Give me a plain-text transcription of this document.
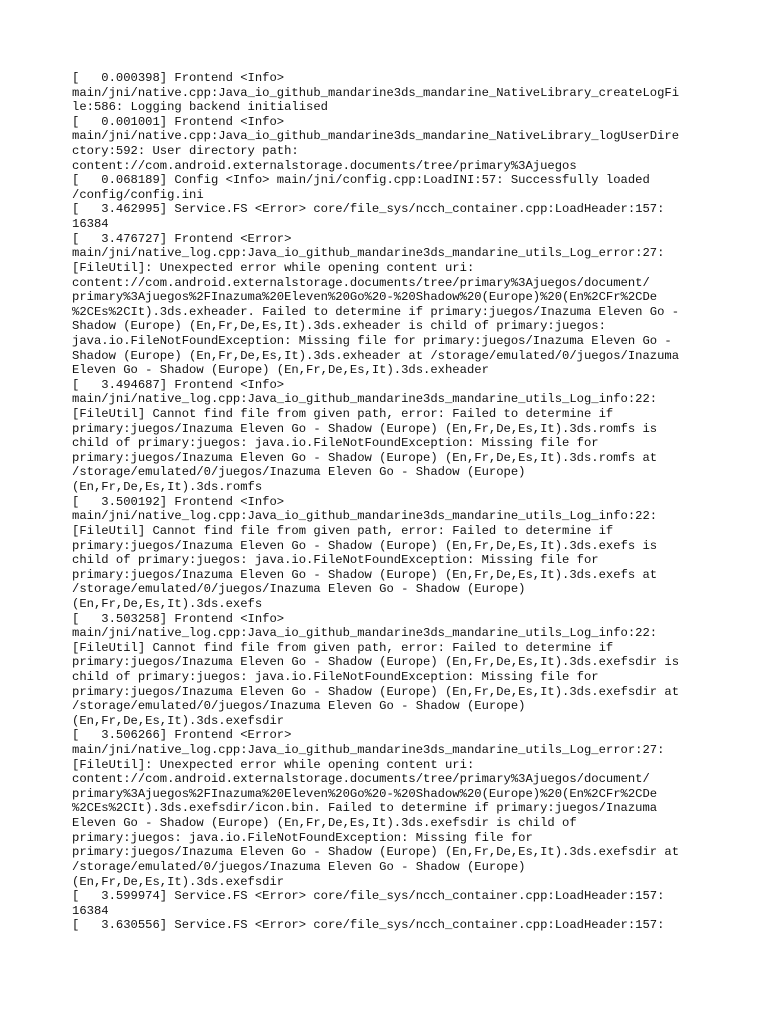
[   0.000398] Frontend <Info>
main/jni/native.cpp:Java_io_github_mandarine3ds_mandarine_NativeLibrary_createLogFi
le:586: Logging backend initialised
[   0.001001] Frontend <Info>
main/jni/native.cpp:Java_io_github_mandarine3ds_mandarine_NativeLibrary_logUserDire
ctory:592: User directory path:
content://com.android.externalstorage.documents/tree/primary%3Ajuegos
[   0.068189] Config <Info> main/jni/config.cpp:LoadINI:57: Successfully loaded
/config/config.ini
[   3.462995] Service.FS <Error> core/file_sys/ncch_container.cpp:LoadHeader:157:
16384
[   3.476727] Frontend <Error>
main/jni/native_log.cpp:Java_io_github_mandarine3ds_mandarine_utils_Log_error:27:
[FileUtil]: Unexpected error while opening content uri:
content://com.android.externalstorage.documents/tree/primary%3Ajuegos/document/
primary%3Ajuegos%2FInazuma%20Eleven%20Go%20-%20Shadow%20(Europe)%20(En%2CFr%2CDe
%2CEs%2CIt).3ds.exheader. Failed to determine if primary:juegos/Inazuma Eleven Go -
Shadow (Europe) (En,Fr,De,Es,It).3ds.exheader is child of primary:juegos:
java.io.FileNotFoundException: Missing file for primary:juegos/Inazuma Eleven Go -
Shadow (Europe) (En,Fr,De,Es,It).3ds.exheader at /storage/emulated/0/juegos/Inazuma
Eleven Go - Shadow (Europe) (En,Fr,De,Es,It).3ds.exheader
[   3.494687] Frontend <Info>
main/jni/native_log.cpp:Java_io_github_mandarine3ds_mandarine_utils_Log_info:22:
[FileUtil] Cannot find file from given path, error: Failed to determine if
primary:juegos/Inazuma Eleven Go - Shadow (Europe) (En,Fr,De,Es,It).3ds.romfs is
child of primary:juegos: java.io.FileNotFoundException: Missing file for
primary:juegos/Inazuma Eleven Go - Shadow (Europe) (En,Fr,De,Es,It).3ds.romfs at
/storage/emulated/0/juegos/Inazuma Eleven Go - Shadow (Europe)
(En,Fr,De,Es,It).3ds.romfs
[   3.500192] Frontend <Info>
main/jni/native_log.cpp:Java_io_github_mandarine3ds_mandarine_utils_Log_info:22:
[FileUtil] Cannot find file from given path, error: Failed to determine if
primary:juegos/Inazuma Eleven Go - Shadow (Europe) (En,Fr,De,Es,It).3ds.exefs is
child of primary:juegos: java.io.FileNotFoundException: Missing file for
primary:juegos/Inazuma Eleven Go - Shadow (Europe) (En,Fr,De,Es,It).3ds.exefs at
/storage/emulated/0/juegos/Inazuma Eleven Go - Shadow (Europe)
(En,Fr,De,Es,It).3ds.exefs
[   3.503258] Frontend <Info>
main/jni/native_log.cpp:Java_io_github_mandarine3ds_mandarine_utils_Log_info:22:
[FileUtil] Cannot find file from given path, error: Failed to determine if
primary:juegos/Inazuma Eleven Go - Shadow (Europe) (En,Fr,De,Es,It).3ds.exefsdir is
child of primary:juegos: java.io.FileNotFoundException: Missing file for
primary:juegos/Inazuma Eleven Go - Shadow (Europe) (En,Fr,De,Es,It).3ds.exefsdir at
/storage/emulated/0/juegos/Inazuma Eleven Go - Shadow (Europe)
(En,Fr,De,Es,It).3ds.exefsdir
[   3.506266] Frontend <Error>
main/jni/native_log.cpp:Java_io_github_mandarine3ds_mandarine_utils_Log_error:27:
[FileUtil]: Unexpected error while opening content uri:
content://com.android.externalstorage.documents/tree/primary%3Ajuegos/document/
primary%3Ajuegos%2FInazuma%20Eleven%20Go%20-%20Shadow%20(Europe)%20(En%2CFr%2CDe
%2CEs%2CIt).3ds.exefsdir/icon.bin. Failed to determine if primary:juegos/Inazuma
Eleven Go - Shadow (Europe) (En,Fr,De,Es,It).3ds.exefsdir is child of
primary:juegos: java.io.FileNotFoundException: Missing file for
primary:juegos/Inazuma Eleven Go - Shadow (Europe) (En,Fr,De,Es,It).3ds.exefsdir at
/storage/emulated/0/juegos/Inazuma Eleven Go - Shadow (Europe)
(En,Fr,De,Es,It).3ds.exefsdir
[   3.599974] Service.FS <Error> core/file_sys/ncch_container.cpp:LoadHeader:157:
16384
[   3.630556] Service.FS <Error> core/file_sys/ncch_container.cpp:LoadHeader:157:
